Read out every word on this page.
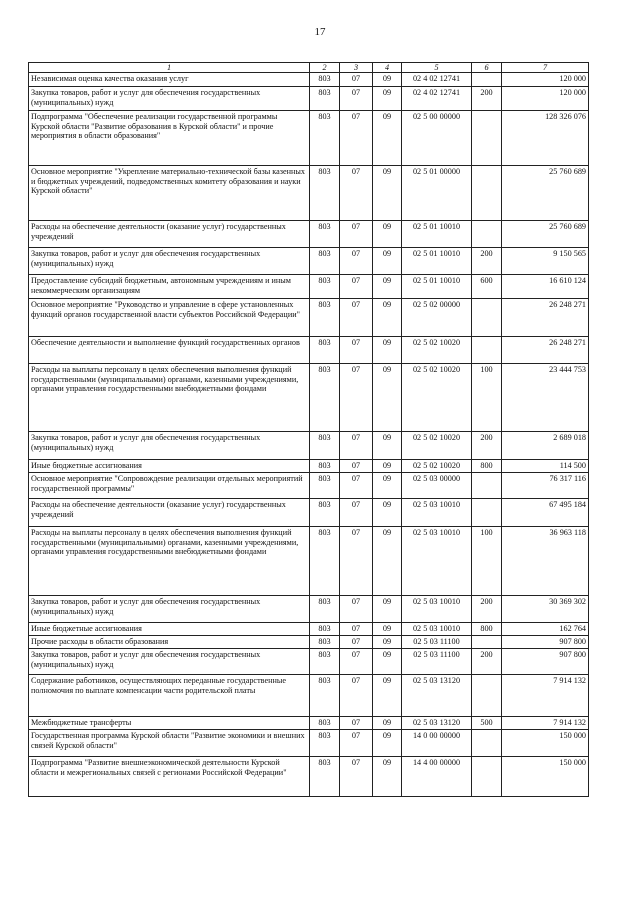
17
1	2	3	4	5	6	7
Независимая оценка качества оказания услуг	803	07	09	02 4 02 12741		120 000
Закупка товаров, работ и услуг для обеспечения государственных (муниципальных) нужд	803	07	09	02 4 02 12741	200	120 000
Подпрограмма "Обеспечение реализации государственной программы Курской области "Развитие образования в Курской области" и прочие мероприятия в области образования"	803	07	09	02 5 00 00000		128 326 076
Основное мероприятие "Укрепление материально-технической базы казенных и бюджетных учреждений, подведомственных комитету образования и науки Курской области"	803	07	09	02 5 01 00000		25 760 689
Расходы на обеспечение деятельности (оказание услуг) государственных учреждений	803	07	09	02 5 01 10010		25 760 689
Закупка товаров, работ и услуг для обеспечения государственных (муниципальных) нужд	803	07	09	02 5 01 10010	200	9 150 565
Предоставление субсидий бюджетным, автономным учреждениям и иным некоммерческим организациям	803	07	09	02 5 01 10010	600	16 610 124
Основное мероприятие "Руководство и управление в сфере установленных функций органов государственной власти субъектов Российской Федерации"	803	07	09	02 5 02 00000		26 248 271
Обеспечение деятельности и выполнение функций государственных органов	803	07	09	02 5 02 10020		26 248 271
Расходы на выплаты персоналу в целях обеспечения выполнения функций государственными (муниципальными) органами, казенными учреждениями, органами управления государственными внебюджетными фондами	803	07	09	02 5 02 10020	100	23 444 753
Закупка товаров, работ и услуг для обеспечения государственных (муниципальных) нужд	803	07	09	02 5 02 10020	200	2 689 018
Иные бюджетные ассигнования	803	07	09	02 5 02 10020	800	114 500
Основное мероприятие "Сопровождение реализации отдельных мероприятий государственной программы"	803	07	09	02 5 03 00000		76 317 116
Расходы на обеспечение деятельности (оказание услуг) государственных учреждений	803	07	09	02 5 03 10010		67 495 184
Расходы на выплаты персоналу в целях обеспечения выполнения функций государственными (муниципальными) органами, казенными учреждениями, органами управления государственными внебюджетными фондами	803	07	09	02 5 03 10010	100	36 963 118
Закупка товаров, работ и услуг для обеспечения государственных (муниципальных) нужд	803	07	09	02 5 03 10010	200	30 369 302
Иные бюджетные ассигнования	803	07	09	02 5 03 10010	800	162 764
Прочие расходы в области образования	803	07	09	02 5 03 11100		907 800
Закупка товаров, работ и услуг для обеспечения государственных (муниципальных) нужд	803	07	09	02 5 03 11100	200	907 800
Содержание работников, осуществляющих переданные государственные полномочия по выплате компенсации части родительской платы	803	07	09	02 5 03 13120		7 914 132
Межбюджетные трансферты	803	07	09	02 5 03 13120	500	7 914 132
Государственная программа Курской области "Развитие экономики и внешних связей Курской области"	803	07	09	14 0 00 00000		150 000
Подпрограмма "Развитие внешнеэкономической деятельности Курской области и межрегиональных связей с регионами Российской Федерации"	803	07	09	14 4 00 00000		150 000
